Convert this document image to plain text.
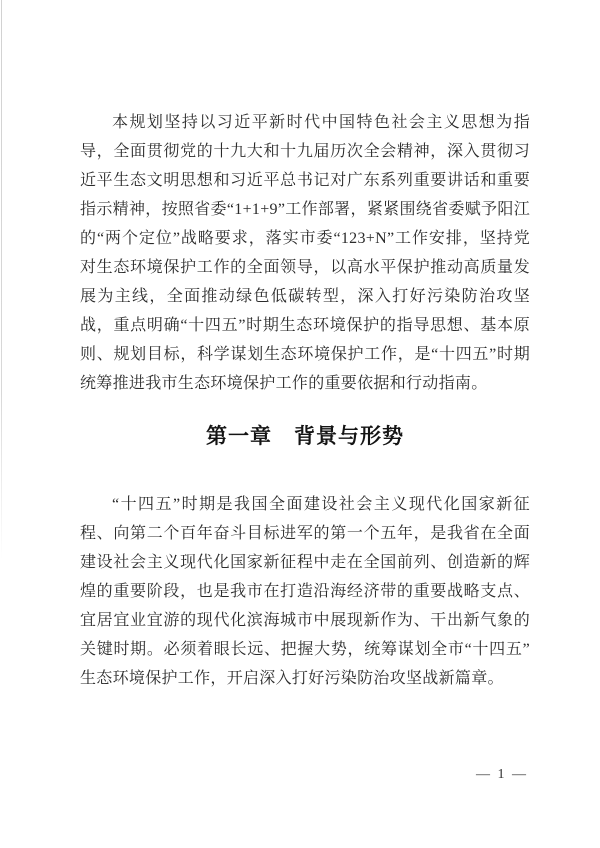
本规划坚持以习近平新时代中国特色社会主义思想为指导，全面贯彻党的十九大和十九届历次全会精神，深入贯彻习近平生态文明思想和习近平总书记对广东系列重要讲话和重要指示精神，按照省委“1+1+9”工作部署，紧紧围绕省委赋予阳江的“两个定位”战略要求，落实市委“123+N”工作安排，坚持党对生态环境保护工作的全面领导，以高水平保护推动高质量发展为主线，全面推动绿色低碳转型，深入打好污染防治攻坚战，重点明确“十四五”时期生态环境保护的指导思想、基本原则、规划目标，科学谋划生态环境保护工作，是“十四五”时期统筹推进我市生态环境保护工作的重要依据和行动指南。

第一章　背景与形势

“十四五”时期是我国全面建设社会主义现代化国家新征程、向第二个百年奋斗目标进军的第一个五年，是我省在全面建设社会主义现代化国家新征程中走在全国前列、创造新的辉煌的重要阶段，也是我市在打造沿海经济带的重要战略支点、宜居宜业宜游的现代化滨海城市中展现新作为、干出新气象的关键时期。必须着眼长远、把握大势，统筹谋划全市“十四五”生态环境保护工作，开启深入打好污染防治攻坚战新篇章。

— 1 —
